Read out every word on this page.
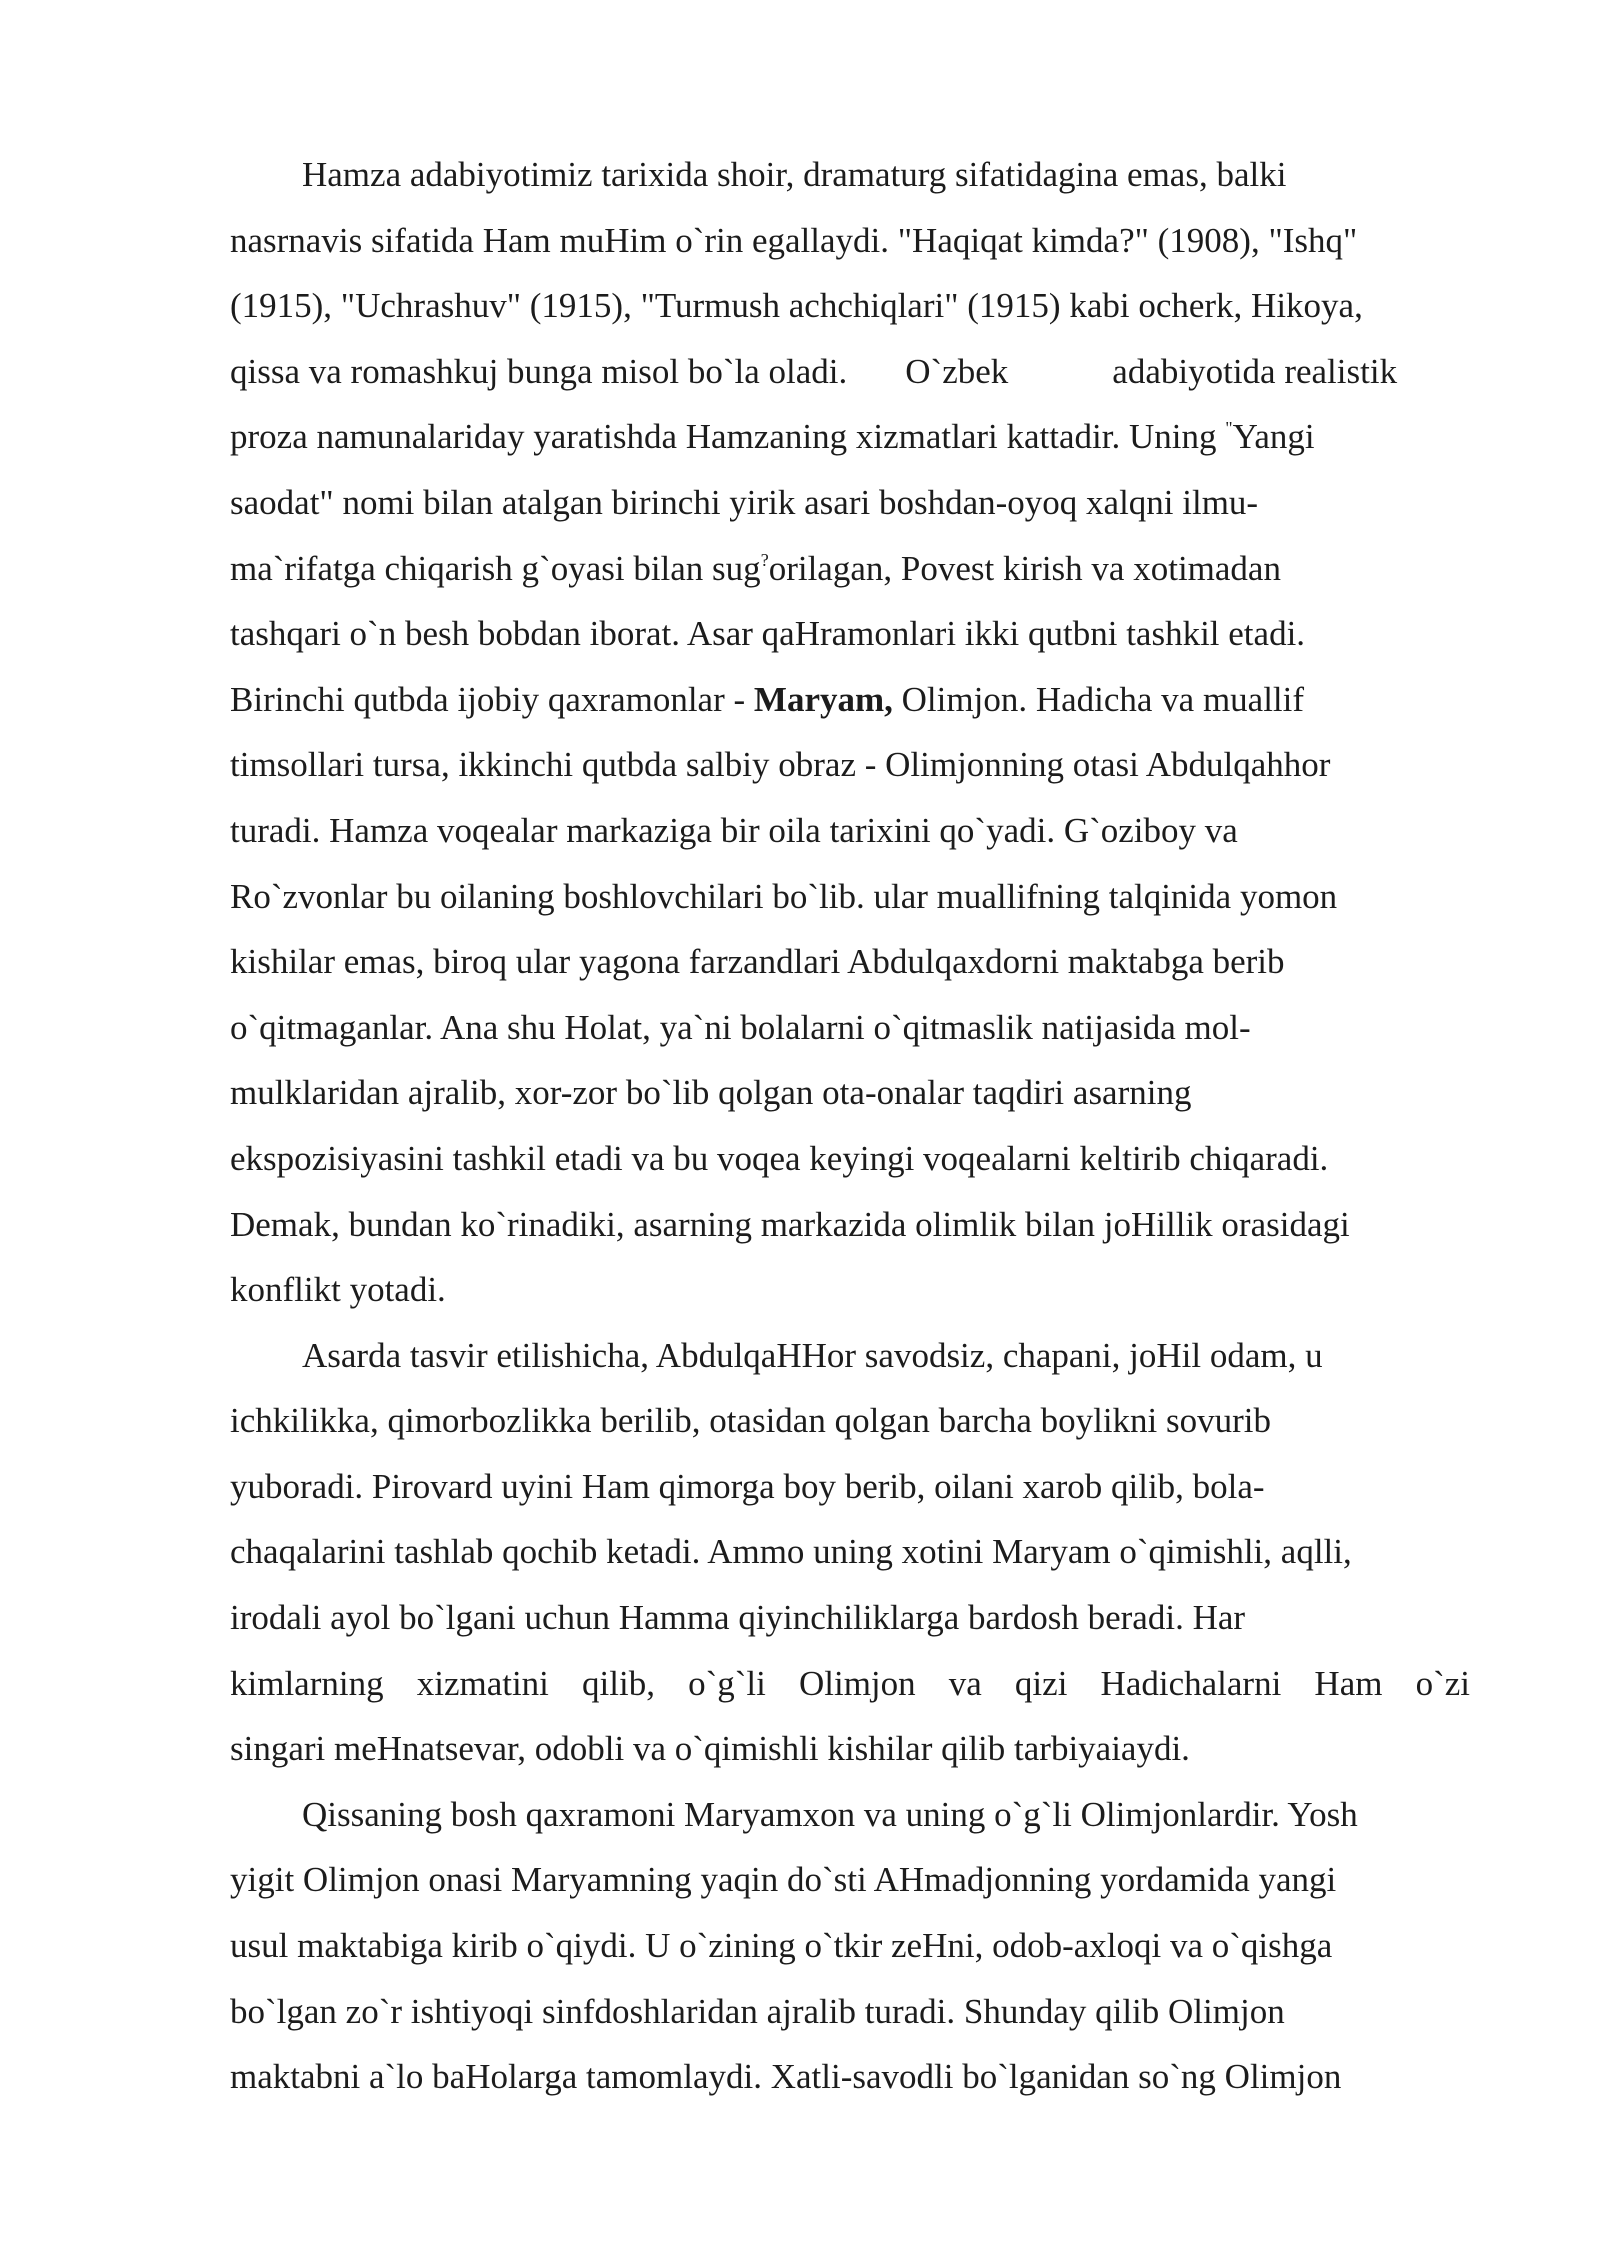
Hamza adabiyotimiz tarixida shoir, dramaturg sifatidagina emas, balki
nasrnavis sifatida Ham muHim o`rin egallaydi. "Haqiqat kimda?" (1908), "Ishq"
(1915), "Uchrashuv" (1915), "Turmush achchiqlari" (1915) kabi ocherk, Hikoya,
qissa va romashkuj bunga misol bo`la oladi. O`zbek	adabiyotida realistik
proza namunalariday yaratishda Hamzaning xizmatlari kattadir. Uning "Yangi
saodat" nomi bilan atalgan birinchi yirik asari boshdan-oyoq xalqni ilmu-
ma`rifatga chiqarish g`oyasi bilan sug?orilagan, Povest kirish va xotimadan
tashqari o`n besh bobdan iborat. Asar qaHramonlari ikki qutbni tashkil etadi.
Birinchi qutbda ijobiy qaxramonlar - Maryam, Olimjon. Hadicha va muallif
timsollari tursa, ikkinchi qutbda salbiy obraz - Olimjonning otasi Abdulqahhor
turadi. Hamza voqealar markaziga bir oila tarixini qo`yadi. G`oziboy va
Ro`zvonlar bu oilaning boshlovchilari bo`lib. ular muallifning talqinida yomon
kishilar emas, biroq ular yagona farzandlari Abdulqaxdorni maktabga berib
o`qitmaganlar. Ana shu Holat, ya`ni bolalarni o`qitmaslik natijasida mol-
mulklaridan ajralib, xor-zor bo`lib qolgan ota-onalar taqdiri asarning
ekspozisiyasini tashkil etadi va bu voqea keyingi voqealarni keltirib chiqaradi.
Demak, bundan ko`rinadiki, asarning markazida olimlik bilan joHillik orasidagi
konflikt yotadi.
Asarda tasvir etilishicha, AbdulqaHHor savodsiz, chapani, joHil odam, u
ichkilikka, qimorbozlikka berilib, otasidan qolgan barcha boylikni sovurib
yuboradi. Pirovard uyini Ham qimorga boy berib, oilani xarob qilib, bola-
chaqalarini tashlab qochib ketadi. Ammo uning xotini Maryam o`qimishli, aqlli,
irodali ayol bo`lgani uchun Hamma qiyinchiliklarga bardosh beradi. Har
kimlarning xizmatini qilib, o`g`li Olimjon va qizi Hadichalarni Ham o`zi
singari meHnatsevar, odobli va o`qimishli kishilar qilib tarbiyaiaydi.
Qissaning bosh qaxramoni Maryamxon va uning o`g`li Olimjonlardir. Yosh
yigit Olimjon onasi Maryamning yaqin do`sti AHmadjonning yordamida yangi
usul maktabiga kirib o`qiydi. U o`zining o`tkir zeHni, odob-axloqi va o`qishga
bo`lgan zo`r ishtiyoqi sinfdoshlaridan ajralib turadi. Shunday qilib Olimjon
maktabni a`lo baHolarga tamomlaydi. Xatli-savodli bo`lganidan so`ng Olimjon
